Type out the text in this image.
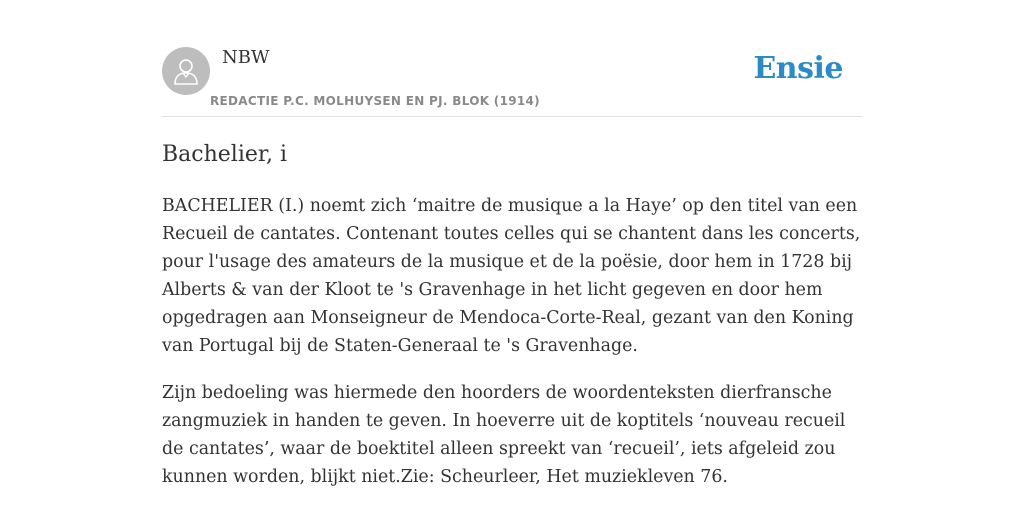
NBW
REDACTIE P.C. MOLHUYSEN EN PJ. BLOK (1914)
Ensie
Bachelier, i

BACHELIER (I.) noemt zich ‘maitre de musique a la Haye’ op den titel van een Recueil de cantates. Contenant toutes celles qui se chantent dans les concerts, pour l'usage des amateurs de la musique et de la poësie, door hem in 1728 bij Alberts & van der Kloot te 's Gravenhage in het licht gegeven en door hem opgedragen aan Monseigneur de Mendoca-Corte-Real, gezant van den Koning van Portugal bij de Staten-Generaal te 's Gravenhage.

Zijn bedoeling was hiermede den hoorders de woordenteksten dierfransche zangmuziek in handen te geven. In hoeverre uit de koptitels ‘nouveau recueil de cantates’, waar de boektitel alleen spreekt van ‘recueil’, iets afgeleid zou kunnen worden, blijkt niet.Zie: Scheurleer, Het muziekleven 76.
